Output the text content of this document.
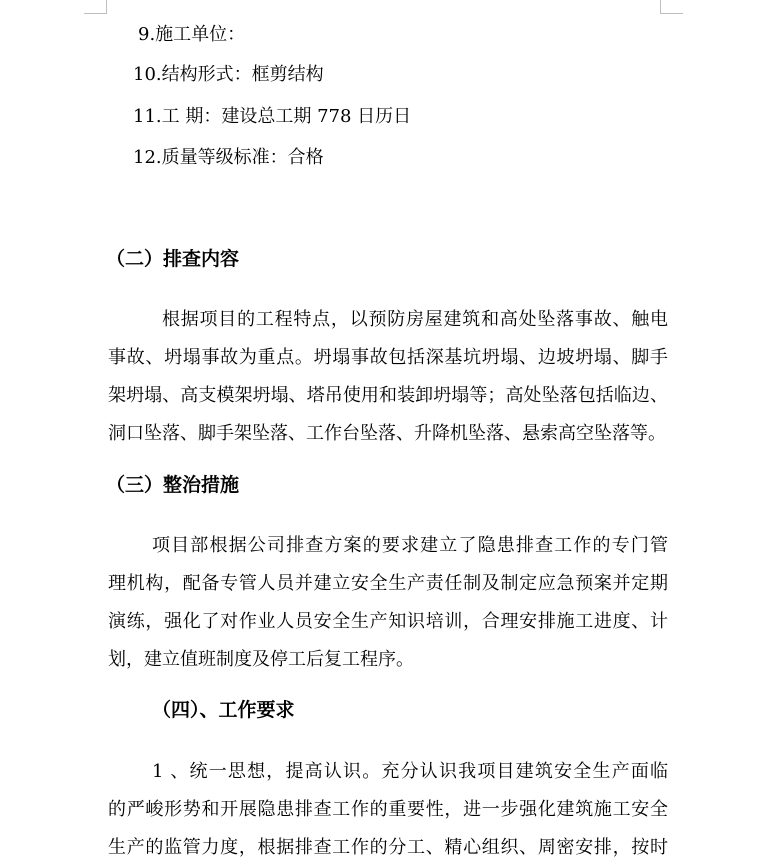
9.施工单位：
10.结构形式：框剪结构
11.工 期：建设总工期 778 日历日
12.质量等级标准：合格
（二）排查内容
根据项目的工程特点，以预防房屋建筑和高处坠落事故、触电
事故、坍塌事故为重点。坍塌事故包括深基坑坍塌、边坡坍塌、脚手
架坍塌、高支模架坍塌、塔吊使用和装卸坍塌等；高处坠落包括临边、
洞口坠落、脚手架坠落、工作台坠落、升降机坠落、悬索高空坠落等。
（三）整治措施
项目部根据公司排查方案的要求建立了隐患排查工作的专门管
理机构，配备专管人员并建立安全生产责任制及制定应急预案并定期
演练，强化了对作业人员安全生产知识培训，合理安排施工进度、计
划，建立值班制度及停工后复工程序。
（四）、工作要求
1 、统一思想，提高认识。充分认识我项目建筑安全生产面临
的严峻形势和开展隐患排查工作的重要性，进一步强化建筑施工安全
生产的监管力度，根据排查工作的分工、精心组织、周密安排，按时
